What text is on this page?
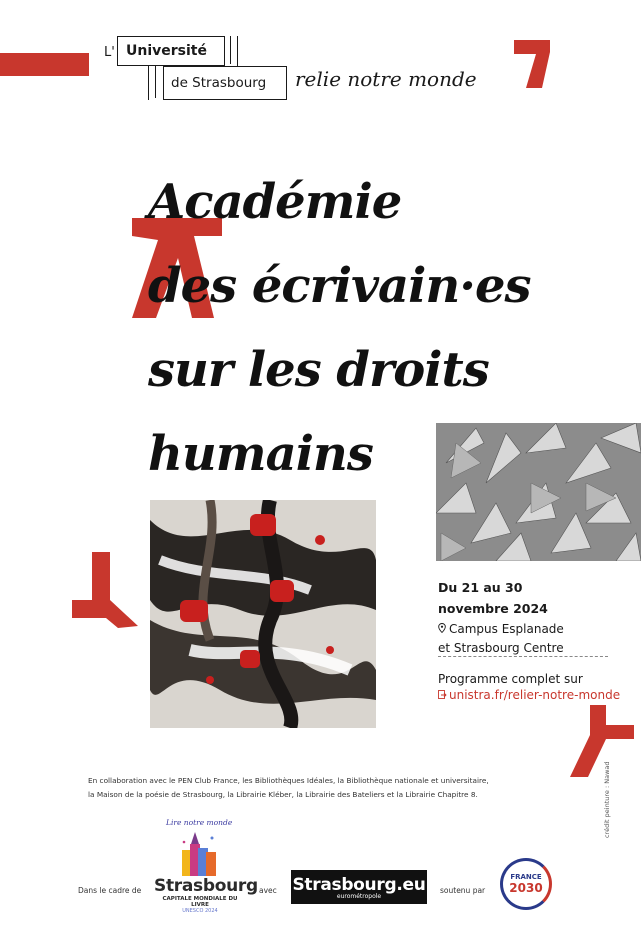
L' Université
de Strasbourg relie notre monde
Académie
des écrivain·es
sur les droits
humains
Du 21 au 30
novembre 2024
Campus Esplanade
et Strasbourg Centre
Programme complet sur
unistra.fr/relier-notre-monde
En collaboration avec le PEN Club France, les Bibliothèques Idéales, la Bibliothèque nationale et universitaire,
la Maison de la poésie de Strasbourg, la Librairie Kléber, la Librairie des Bateliers et la Librairie Chapitre 8.	crédit peinture : Nawad
Dans le cadre de
Lire notre monde
Strasbourg
CAPITALE MONDIALE DU LIVRE
UNESCO 2024
avec Strasbourg.eu
eurométropole
soutenu par
FRANCE
2030
